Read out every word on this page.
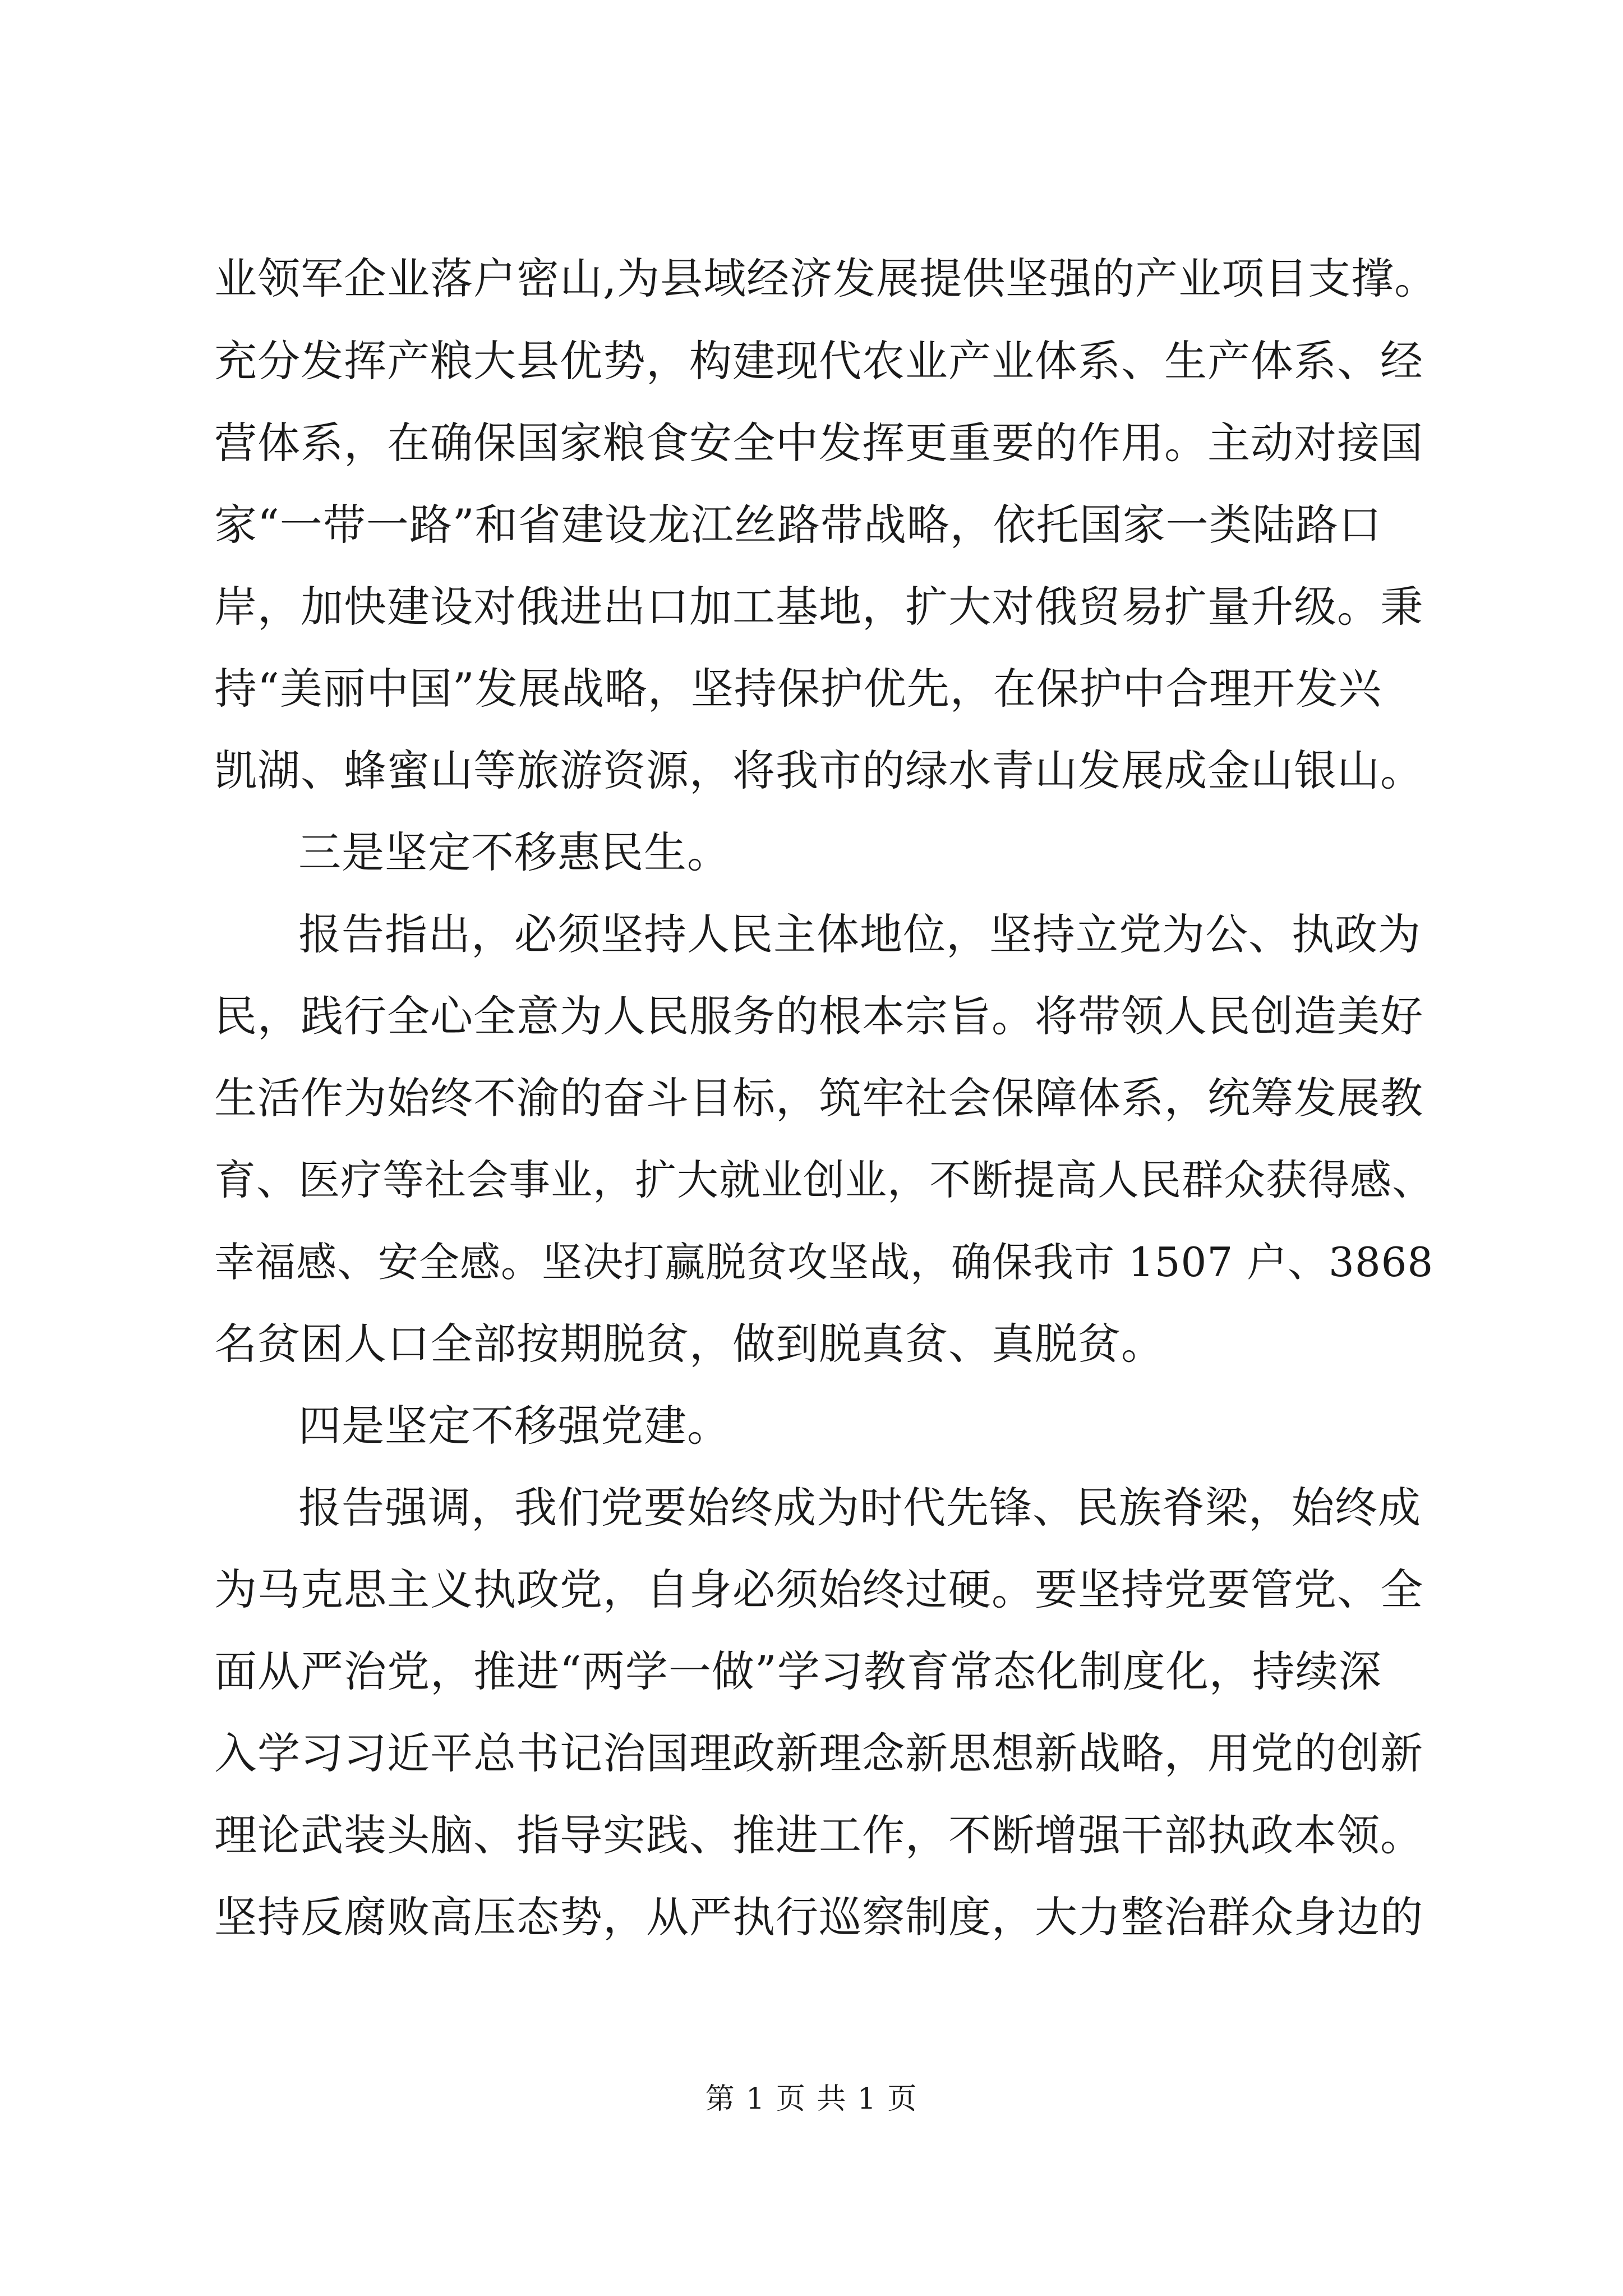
业领军企业落户密山,为县域经济发展提供坚强的产业项目支撑。
充分发挥产粮大县优势，构建现代农业产业体系、生产体系、经
营体系，在确保国家粮食安全中发挥更重要的作用。主动对接国
家“一带一路”和省建设龙江丝路带战略，依托国家一类陆路口
岸，加快建设对俄进出口加工基地，扩大对俄贸易扩量升级。秉
持“美丽中国”发展战略，坚持保护优先，在保护中合理开发兴
凯湖、蜂蜜山等旅游资源，将我市的绿水青山发展成金山银山。
三是坚定不移惠民生。
报告指出，必须坚持人民主体地位，坚持立党为公、执政为
民，践行全心全意为人民服务的根本宗旨。将带领人民创造美好
生活作为始终不渝的奋斗目标，筑牢社会保障体系，统筹发展教
育、医疗等社会事业，扩大就业创业，不断提高人民群众获得感、
幸福感、安全感。坚决打赢脱贫攻坚战，确保我市 1507 户、3868
名贫困人口全部按期脱贫，做到脱真贫、真脱贫。
四是坚定不移强党建。
报告强调，我们党要始终成为时代先锋、民族脊梁，始终成
为马克思主义执政党，自身必须始终过硬。要坚持党要管党、全
面从严治党，推进“两学一做”学习教育常态化制度化，持续深
入学习习近平总书记治国理政新理念新思想新战略，用党的创新
理论武装头脑、指导实践、推进工作，不断增强干部执政本领。
坚持反腐败高压态势，从严执行巡察制度，大力整治群众身边的
第 1 页 共 1 页
